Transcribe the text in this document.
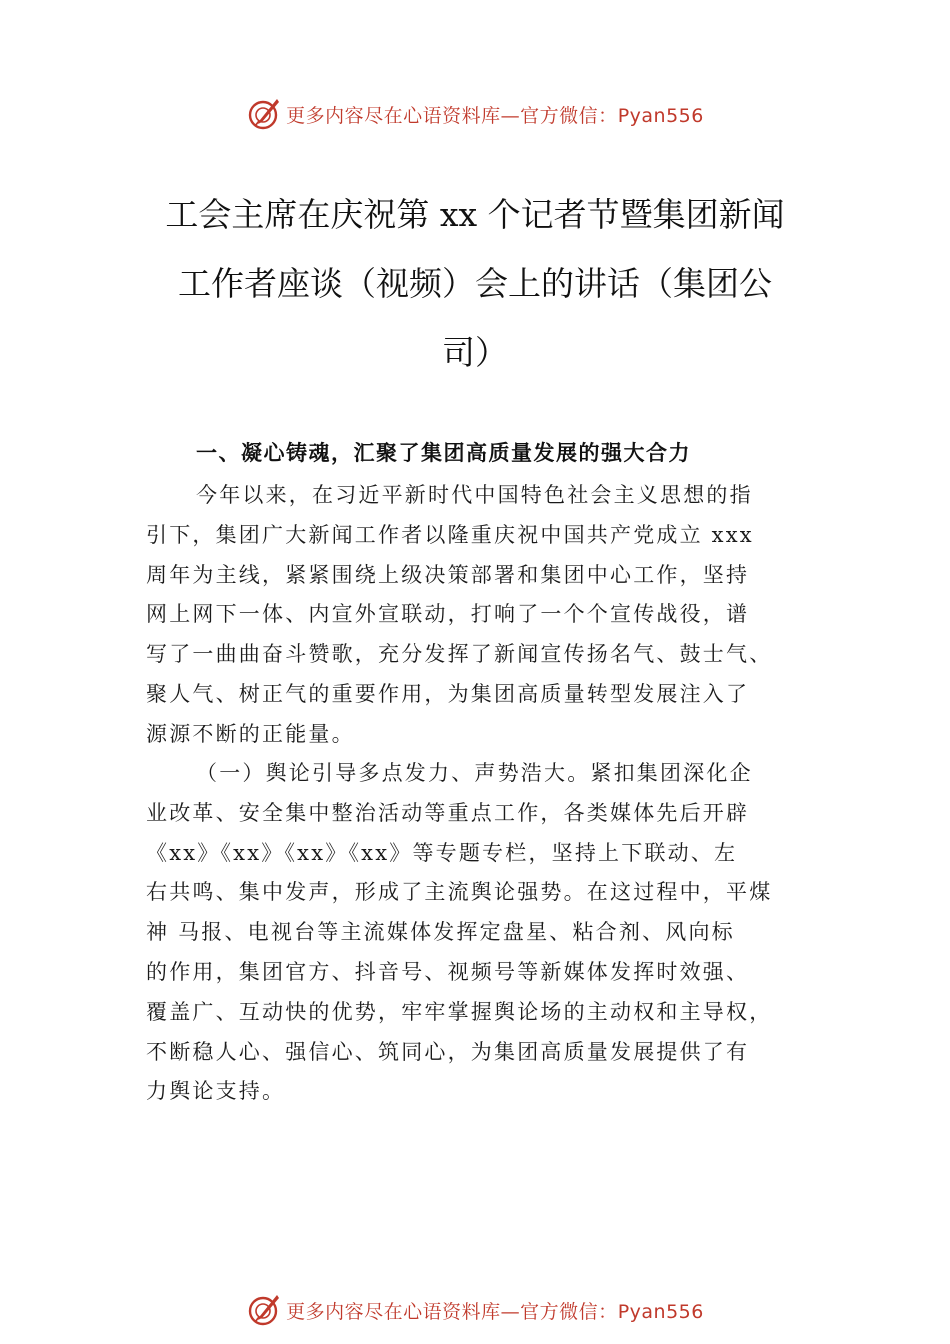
更多内容尽在心语资料库—官方微信：Pyan556
工会主席在庆祝第 xx 个记者节暨集团新闻
工作者座谈（视频）会上的讲话（集团公
司）
一、凝心铸魂，汇聚了集团高质量发展的强大合力
今年以来，在习近平新时代中国特色社会主义思想的指
引下，集团广大新闻工作者以隆重庆祝中国共产党成立 xxx
周年为主线，紧紧围绕上级决策部署和集团中心工作，坚持
网上网下一体、内宣外宣联动，打响了一个个宣传战役，谱
写了一曲曲奋斗赞歌，充分发挥了新闻宣传扬名气、鼓士气、
聚人气、树正气的重要作用，为集团高质量转型发展注入了
源源不断的正能量。
（一）舆论引导多点发力、声势浩大。紧扣集团深化企
业改革、安全集中整治活动等重点工作，各类媒体先后开辟
《xx》《xx》《xx》《xx》等专题专栏，坚持上下联动、左
右共鸣、集中发声，形成了主流舆论强势。在这过程中，平煤
神 马报、电视台等主流媒体发挥定盘星、粘合剂、风向标
的作用，集团官方、抖音号、视频号等新媒体发挥时效强、
覆盖广、互动快的优势，牢牢掌握舆论场的主动权和主导权，
不断稳人心、强信心、筑同心，为集团高质量发展提供了有
力舆论支持。
更多内容尽在心语资料库—官方微信：Pyan556
